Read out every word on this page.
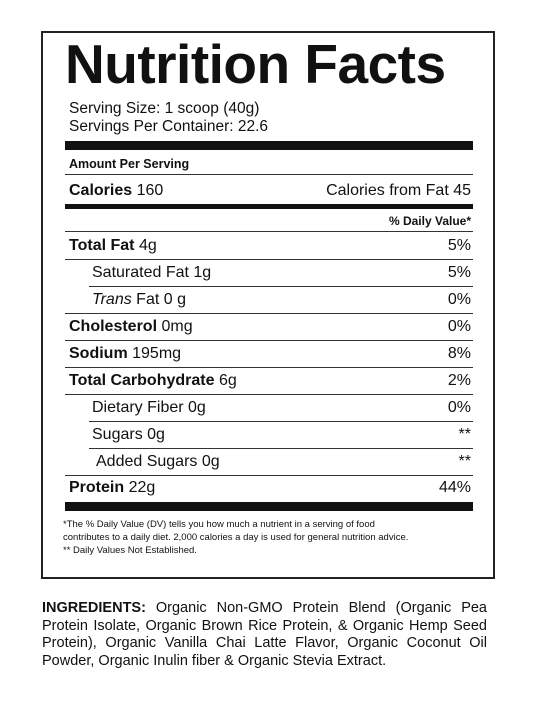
Nutrition Facts
Serving Size: 1 scoop (40g)
Servings Per Container: 22.6
Amount Per Serving
Calories 160	Calories from Fat 45
% Daily Value*
Total Fat 4g	5%
Saturated Fat 1g	5%
Trans Fat 0 g	0%
Cholesterol 0mg	0%
Sodium 195mg	8%
Total Carbohydrate 6g	2%
Dietary Fiber 0g	0%
Sugars 0g	**
Added Sugars 0g	**
Protein 22g	44%
*The % Daily Value (DV) tells you how much a nutrient in a serving of food
contributes to a daily diet. 2,000 calories a day is used for general nutrition advice.
** Daily Values Not Established.
INGREDIENTS: Organic Non-GMO Protein Blend (Organic Pea Protein Isolate, Organic Brown Rice Protein, & Organic Hemp Seed Protein), Organic Vanilla Chai Latte Flavor, Organic Coconut Oil Powder, Organic Inulin fiber & Organic Stevia Extract.
